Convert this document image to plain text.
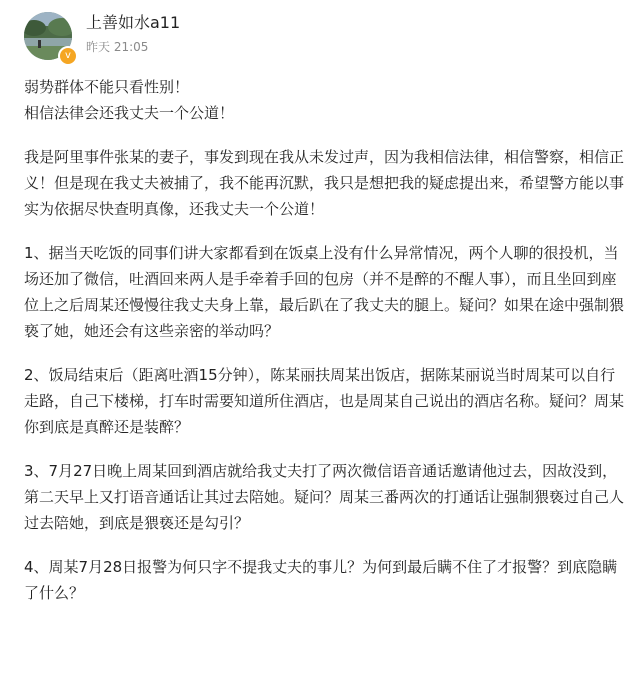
v
上善如水a11
昨天 21:05

弱势群体不能只看性别！

相信法律会还我丈夫一个公道！

我是阿里事件张某的妻子，事发到现在我从未发过声，因为我相信法律，相信警察，相信正义！但是现在我丈夫被捕了，我不能再沉默，我只是想把我的疑虑提出来，希望警方能以事实为依据尽快查明真像，还我丈夫一个公道！

1、据当天吃饭的同事们讲大家都看到在饭桌上没有什么异常情况，两个人聊的很投机，当场还加了微信，吐酒回来两人是手牵着手回的包房（并不是醉的不醒人事），而且坐回到座位上之后周某还慢慢往我丈夫身上靠，最后趴在了我丈夫的腿上。疑问？如果在途中强制猥亵了她，她还会有这些亲密的举动吗？

2、饭局结束后（距离吐酒15分钟），陈某丽扶周某出饭店，据陈某丽说当时周某可以自行走路，自己下楼梯，打车时需要知道所住酒店，也是周某自己说出的酒店名称。疑问？周某你到底是真醉还是装醉？

3、7月27日晚上周某回到酒店就给我丈夫打了两次微信语音通话邀请他过去，因故没到，第二天早上又打语音通话让其过去陪她。疑问？周某三番两次的打通话让强制猥亵过自己人过去陪她，到底是猥亵还是勾引？

4、周某7月28日报警为何只字不提我丈夫的事儿？为何到最后瞒不住了才报警？到底隐瞒了什么？
